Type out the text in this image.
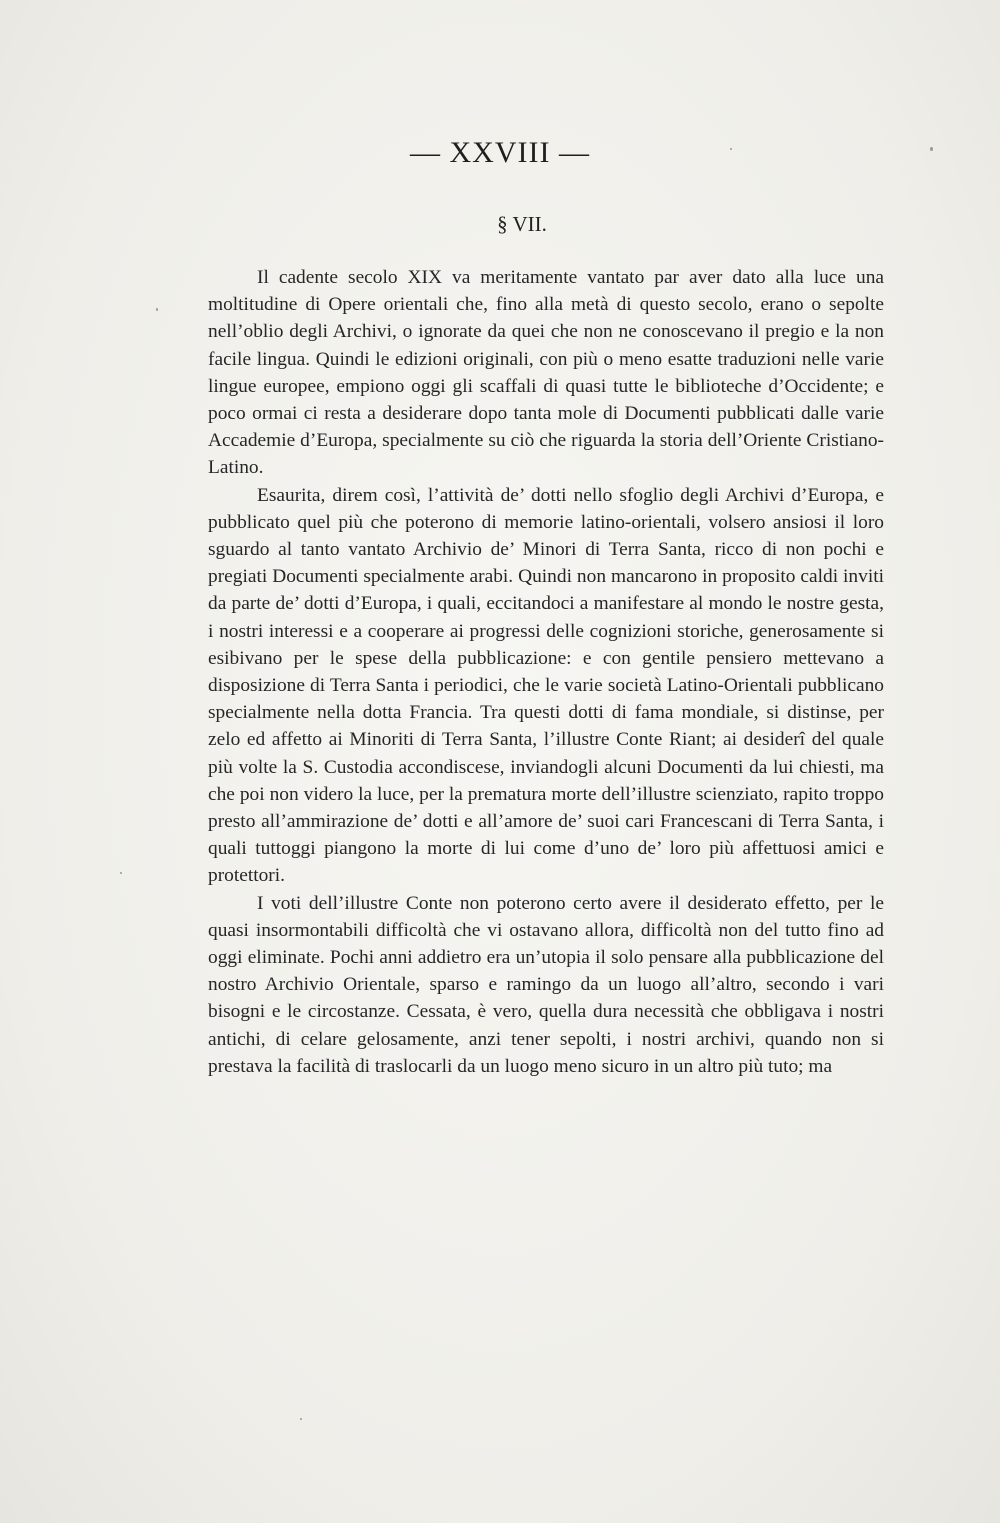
— XXVIII —
§ VII.

Il cadente secolo XIX va meritamente vantato par aver dato alla luce una moltitudine di Opere orientali che, fino alla metà di questo secolo, erano o sepolte nell’oblio degli Archivi, o ignorate da quei che non ne conoscevano il pregio e la non facile lingua. Quindi le edizioni originali, con più o meno esatte traduzioni nelle varie lingue europee, empiono oggi gli scaffali di quasi tutte le biblioteche d’Occidente; e poco ormai ci resta a desiderare dopo tanta mole di Documenti pubblicati dalle varie Accademie d’Europa, specialmente su ciò che riguarda la storia dell’Oriente Cristiano-Latino.

Esaurita, direm così, l’attività de’ dotti nello sfoglio degli Archivi d’Europa, e pubblicato quel più che poterono di memorie latino-orientali, volsero ansiosi il loro sguardo al tanto vantato Archivio de’ Minori di Terra Santa, ricco di non pochi e pregiati Documenti specialmente arabi. Quindi non mancarono in proposito caldi inviti da parte de’ dotti d’Europa, i quali, eccitandoci a manifestare al mondo le nostre gesta, i nostri interessi e a cooperare ai progressi delle cognizioni storiche, generosamente si esibivano per le spese della pubblicazione: e con gentile pensiero mettevano a disposizione di Terra Santa i periodici, che le varie società Latino-Orientali pubblicano specialmente nella dotta Francia. Tra questi dotti di fama mondiale, si distinse, per zelo ed affetto ai Minoriti di Terra Santa, l’illustre Conte Riant; ai desiderî del quale più volte la S. Custodia accondiscese, inviandogli alcuni Documenti da lui chiesti, ma che poi non videro la luce, per la prematura morte dell’illustre scienziato, rapito troppo presto all’ammirazione de’ dotti e all’amore de’ suoi cari Francescani di Terra Santa, i quali tuttoggi piangono la morte di lui come d’uno de’ loro più affettuosi amici e protettori.

I voti dell’illustre Conte non poterono certo avere il desiderato effetto, per le quasi insormontabili difficoltà che vi ostavano allora, difficoltà non del tutto fino ad oggi eliminate. Pochi anni addietro era un’utopia il solo pensare alla pubblicazione del nostro Archivio Orientale, sparso e ramingo da un luogo all’altro, secondo i vari bisogni e le circostanze. Cessata, è vero, quella dura necessità che obbligava i nostri antichi, di celare gelosamente, anzi tener sepolti, i nostri archivi, quando non si prestava la facilità di traslocarli da un luogo meno sicuro in un altro più tuto; ma
